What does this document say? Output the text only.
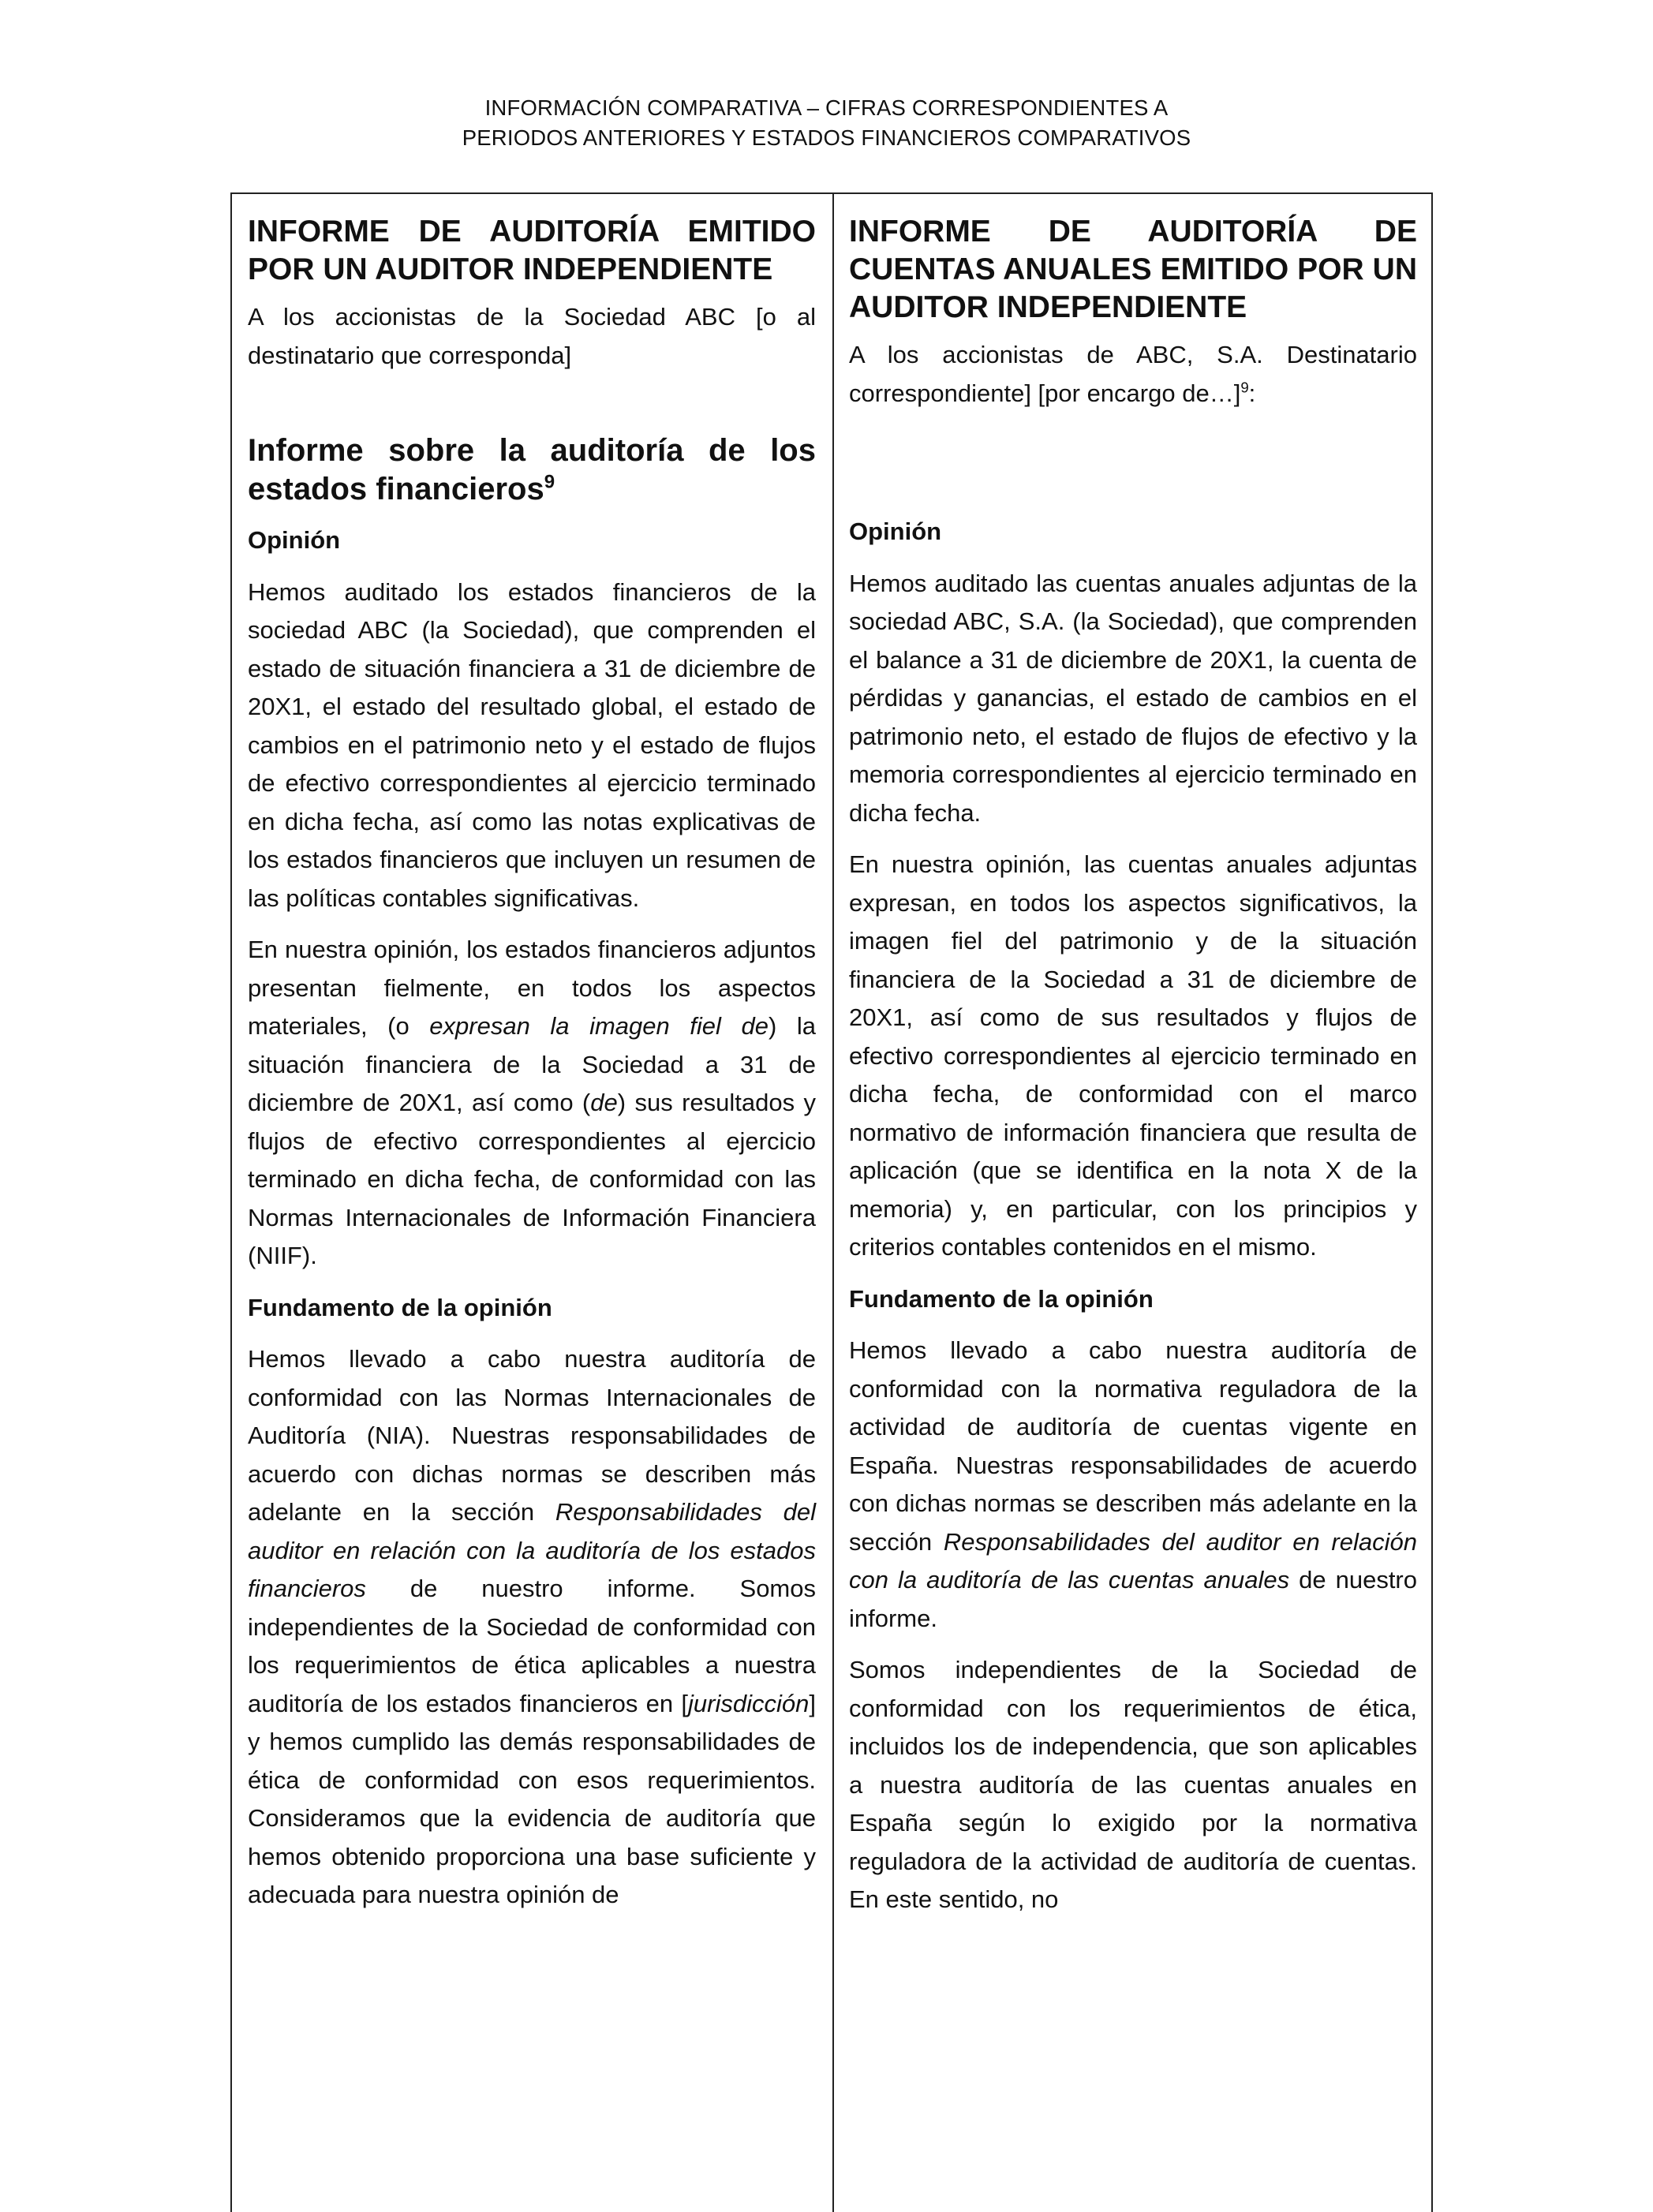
INFORMACIÓN COMPARATIVA – CIFRAS CORRESPONDIENTES A
PERIODOS ANTERIORES Y ESTADOS FINANCIEROS COMPARATIVOS
INFORME DE AUDITORÍA EMITIDO POR UN AUDITOR INDEPENDIENTE

A los accionistas de la Sociedad ABC [o al destinatario que corresponda]

Informe sobre la auditoría de los estados financieros$^9$
Opinión

Hemos auditado los estados financieros de la sociedad ABC (la Sociedad), que comprenden el estado de situación financiera a 31 de diciembre de 20X1, el estado del resultado global, el estado de cambios en el patrimonio neto y el estado de flujos de efectivo correspondientes al ejercicio terminado en dicha fecha, así como las notas explicativas de los estados financieros que incluyen un resumen de las políticas contables significativas.

En nuestra opinión, los estados financieros adjuntos presentan fielmente, en todos los aspectos materiales, (o expresan la imagen fiel de) la situación financiera de la Sociedad a 31 de diciembre de 20X1, así como (de) sus resultados y flujos de efectivo correspondientes al ejercicio terminado en dicha fecha, de conformidad con las Normas Internacionales de Información Financiera (NIIF).

Fundamento de la opinión

Hemos llevado a cabo nuestra auditoría de conformidad con las Normas Internacionales de Auditoría (NIA). Nuestras responsabilidades de acuerdo con dichas normas se describen más adelante en la sección Responsabilidades del auditor en relación con la auditoría de los estados financieros de nuestro informe. Somos independientes de la Sociedad de conformidad con los requerimientos de ética aplicables a nuestra auditoría de los estados financieros en [jurisdicción] y hemos cumplido las demás responsabilidades de ética de conformidad con esos requerimientos. Consideramos que la evidencia de auditoría que hemos obtenido proporciona una base suficiente y adecuada para nuestra opinión de

INFORME DE AUDITORÍA DE CUENTAS ANUALES EMITIDO POR UN AUDITOR INDEPENDIENTE

A los accionistas de ABC, S.A. Destinatario correspondiente] [por encargo de…]$^9$:

Opinión

Hemos auditado las cuentas anuales adjuntas de la sociedad ABC, S.A. (la Sociedad), que comprenden el balance a 31 de diciembre de 20X1, la cuenta de pérdidas y ganancias, el estado de cambios en el patrimonio neto, el estado de flujos de efectivo y la memoria correspondientes al ejercicio terminado en dicha fecha.

En nuestra opinión, las cuentas anuales adjuntas expresan, en todos los aspectos significativos, la imagen fiel del patrimonio y de la situación financiera de la Sociedad a 31 de diciembre de 20X1, así como de sus resultados y flujos de efectivo correspondientes al ejercicio terminado en dicha fecha, de conformidad con el marco normativo de información financiera que resulta de aplicación (que se identifica en la nota X de la memoria) y, en particular, con los principios y criterios contables contenidos en el mismo.

Fundamento de la opinión

Hemos llevado a cabo nuestra auditoría de conformidad con la normativa reguladora de la actividad de auditoría de cuentas vigente en España. Nuestras responsabilidades de acuerdo con dichas normas se describen más adelante en la sección Responsabilidades del auditor en relación con la auditoría de las cuentas anuales de nuestro informe.

Somos independientes de la Sociedad de conformidad con los requerimientos de ética, incluidos los de independencia, que son aplicables a nuestra auditoría de las cuentas anuales en España según lo exigido por la normativa reguladora de la actividad de auditoría de cuentas. En este sentido, no
